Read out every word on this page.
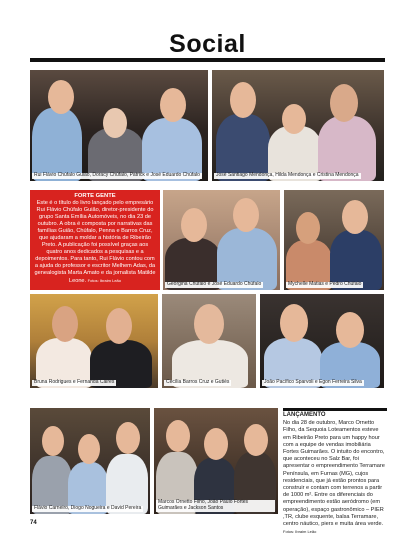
Social
Rui Flávio Chúfalo Guião, Doracy Chúfalo, Patrick e José Eduardo Chúfalo	José Santiago Mendonça, Hilda Mendonça e Cristina Mendonça
FORTE GENTE
Este é o título do livro lançado pelo empresário Rui Flávio Chúfalo Guião, diretor-presidente do grupo Santa Emília Automóveis, no dia 23 de outubro. A obra é composta por narrativas das famílias Guião, Chúfalo, Penna e Barros Cruz, que ajudaram a moldar a história de Ribeirão Preto. A publicação foi possível graças aos quatro anos dedicados a pesquisas e a depoimentos. Para tanto, Rui Flávio contou com a ajuda do professor e escritor Melhem Adas, da genealogista Marta Amato e da jornalista Matilde Leone. Fotos: Ibraim Leão
Georgina Chúfalo e José Eduardo Chúfalo	Mychelle Matias e Pedro Chúfalo
Bruna Rodrigues e Fernanda Caires	Cecília Barros Cruz e Gutiès	João Pacífico Sparvoli e Egon Ferreira Silva
Flávio Carneiro, Diogo Nogueira e David Pereira
Marcos Ornetto Filho, João Paulo Fortes Guimarães e Jackson Santos
LANÇAMENTO
No dia 28 de outubro, Marco Ornetto Filho, da Sequoia Loteamentos esteve em Ribeirão Preto para um happy hour com a equipe de vendas imobiliária Fortes Guimarães. O intuito do encontro, que aconteceu no Salz Bar, foi apresentar o empreendimento Terramare Península, em Furnas (MG), cujos residenciais, que já estão prontos para construir e contam com terrenos a partir de 1000 m². Entre os diferenciais do empreendimento estão aeródromo (em operação), espaço gastronômico – PIER ,TR, clube esquente, balsa Terramare, centro náutico, piers e muita área verde. Fotos: Ibraim Leão
74
